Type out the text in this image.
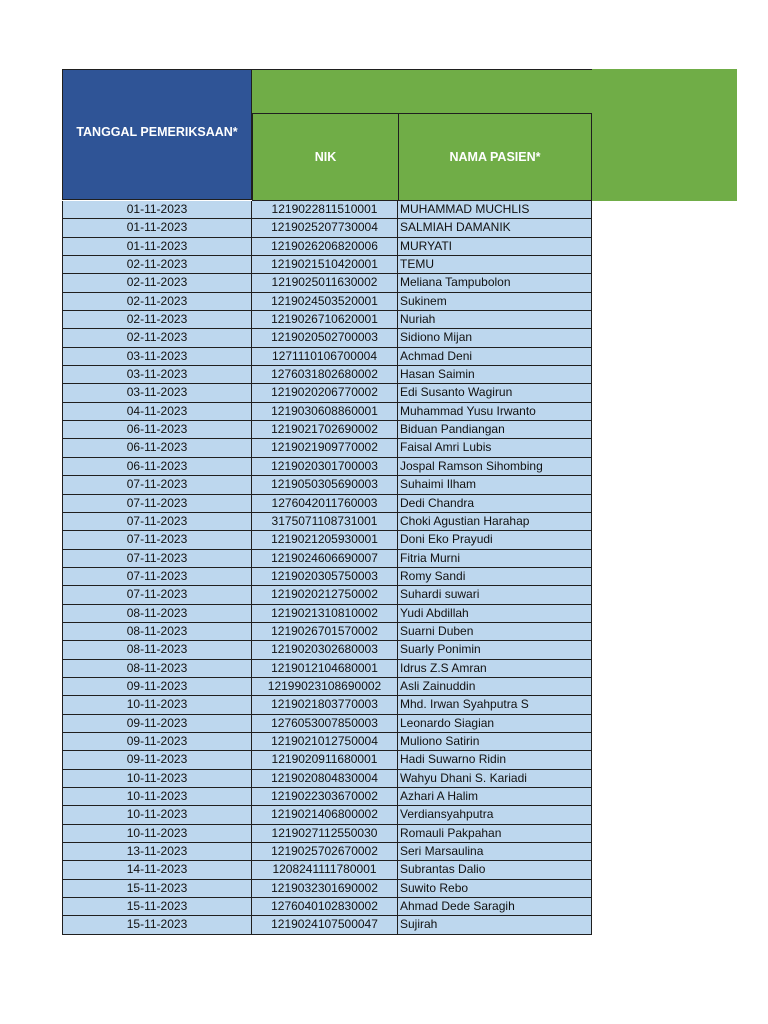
TANGGAL PEMERIKSAAN*
NIK	NAMA PASIEN*
01-11-2023	1219022811510001	MUHAMMAD MUCHLIS
01-11-2023	1219025207730004	SALMIAH DAMANIK
01-11-2023	1219026206820006	MURYATI
02-11-2023	1219021510420001	TEMU
02-11-2023	1219025011630002	Meliana Tampubolon
02-11-2023	1219024503520001	Sukinem
02-11-2023	1219026710620001	Nuriah
02-11-2023	1219020502700003	Sidiono Mijan
03-11-2023	1271110106700004	Achmad Deni
03-11-2023	1276031802680002	Hasan Saimin
03-11-2023	1219020206770002	Edi Susanto Wagirun
04-11-2023	1219030608860001	Muhammad Yusu Irwanto
06-11-2023	1219021702690002	Biduan Pandiangan
06-11-2023	1219021909770002	Faisal Amri Lubis
06-11-2023	1219020301700003	Jospal Ramson Sihombing
07-11-2023	1219050305690003	Suhaimi Ilham
07-11-2023	1276042011760003	Dedi Chandra
07-11-2023	3175071108731001	Choki Agustian Harahap
07-11-2023	1219021205930001	Doni Eko Prayudi
07-11-2023	1219024606690007	Fitria Murni
07-11-2023	1219020305750003	Romy Sandi
07-11-2023	1219020212750002	Suhardi suwari
08-11-2023	1219021310810002	Yudi Abdillah
08-11-2023	1219026701570002	Suarni Duben
08-11-2023	1219020302680003	Suarly Ponimin
08-11-2023	1219012104680001	Idrus Z.S Amran
09-11-2023	12199023108690002	Asli Zainuddin
10-11-2023	1219021803770003	Mhd. Irwan Syahputra S
09-11-2023	1276053007850003	Leonardo Siagian
09-11-2023	1219021012750004	Muliono Satirin
09-11-2023	1219020911680001	Hadi Suwarno Ridin
10-11-2023	1219020804830004	Wahyu Dhani S. Kariadi
10-11-2023	1219022303670002	Azhari A Halim
10-11-2023	1219021406800002	Verdiansyahputra
10-11-2023	1219027112550030	Romauli Pakpahan
13-11-2023	1219025702670002	Seri Marsaulina
14-11-2023	1208241111780001	Subrantas Dalio
15-11-2023	1219032301690002	Suwito Rebo
15-11-2023	1276040102830002	Ahmad Dede Saragih
15-11-2023	1219024107500047	Sujirah
